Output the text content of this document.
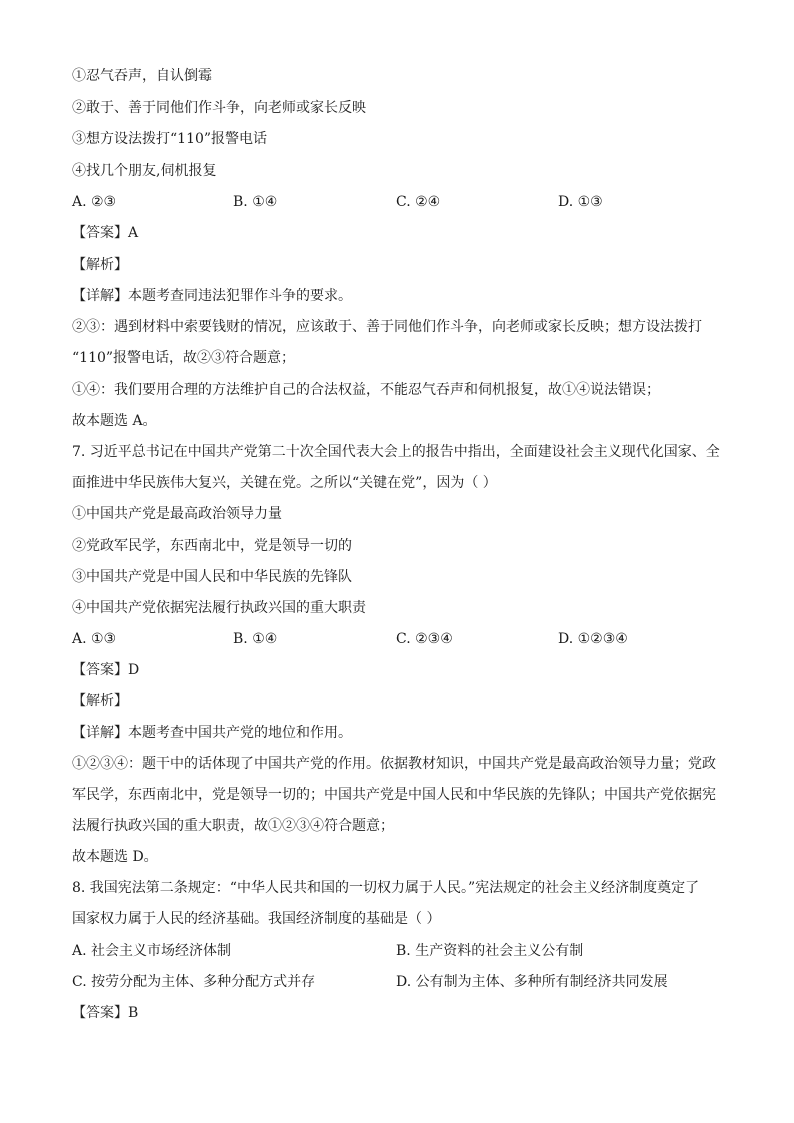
①忍气吞声，自认倒霉
②敢于、善于同他们作斗争，向老师或家长反映
③想方设法拨打“110”报警电话
④找几个朋友,伺机报复
A. ②③	B. ①④	C. ②④	D. ①③
【答案】A
【解析】
【详解】本题考查同违法犯罪作斗争的要求。
②③：遇到材料中索要钱财的情况，应该敢于、善于同他们作斗争，向老师或家长反映；想方设法拨打
“110”报警电话，故②③符合题意；
①④：我们要用合理的方法维护自己的合法权益，不能忍气吞声和伺机报复，故①④说法错误；
故本题选 A。
7. 习近平总书记在中国共产党第二十次全国代表大会上的报告中指出，全面建设社会主义现代化国家、全
面推进中华民族伟大复兴，关键在党。之所以“关键在党”，因为（ ）
①中国共产党是最高政治领导力量
②党政军民学，东西南北中，党是领导一切的
③中国共产党是中国人民和中华民族的先锋队
④中国共产党依据宪法履行执政兴国的重大职责
A. ①③	B. ①④	C. ②③④	D. ①②③④
【答案】D
【解析】
【详解】本题考查中国共产党的地位和作用。
①②③④：题干中的话体现了中国共产党的作用。依据教材知识，中国共产党是最高政治领导力量；党政
军民学，东西南北中，党是领导一切的；中国共产党是中国人民和中华民族的先锋队；中国共产党依据宪
法履行执政兴国的重大职责，故①②③④符合题意；
故本题选 D。
8. 我国宪法第二条规定：“中华人民共和国的一切权力属于人民。”宪法规定的社会主义经济制度奠定了
国家权力属于人民的经济基础。我国经济制度的基础是（ ）
A. 社会主义市场经济体制	B. 生产资料的社会主义公有制
C. 按劳分配为主体、多种分配方式并存	D. 公有制为主体、多种所有制经济共同发展
【答案】B
